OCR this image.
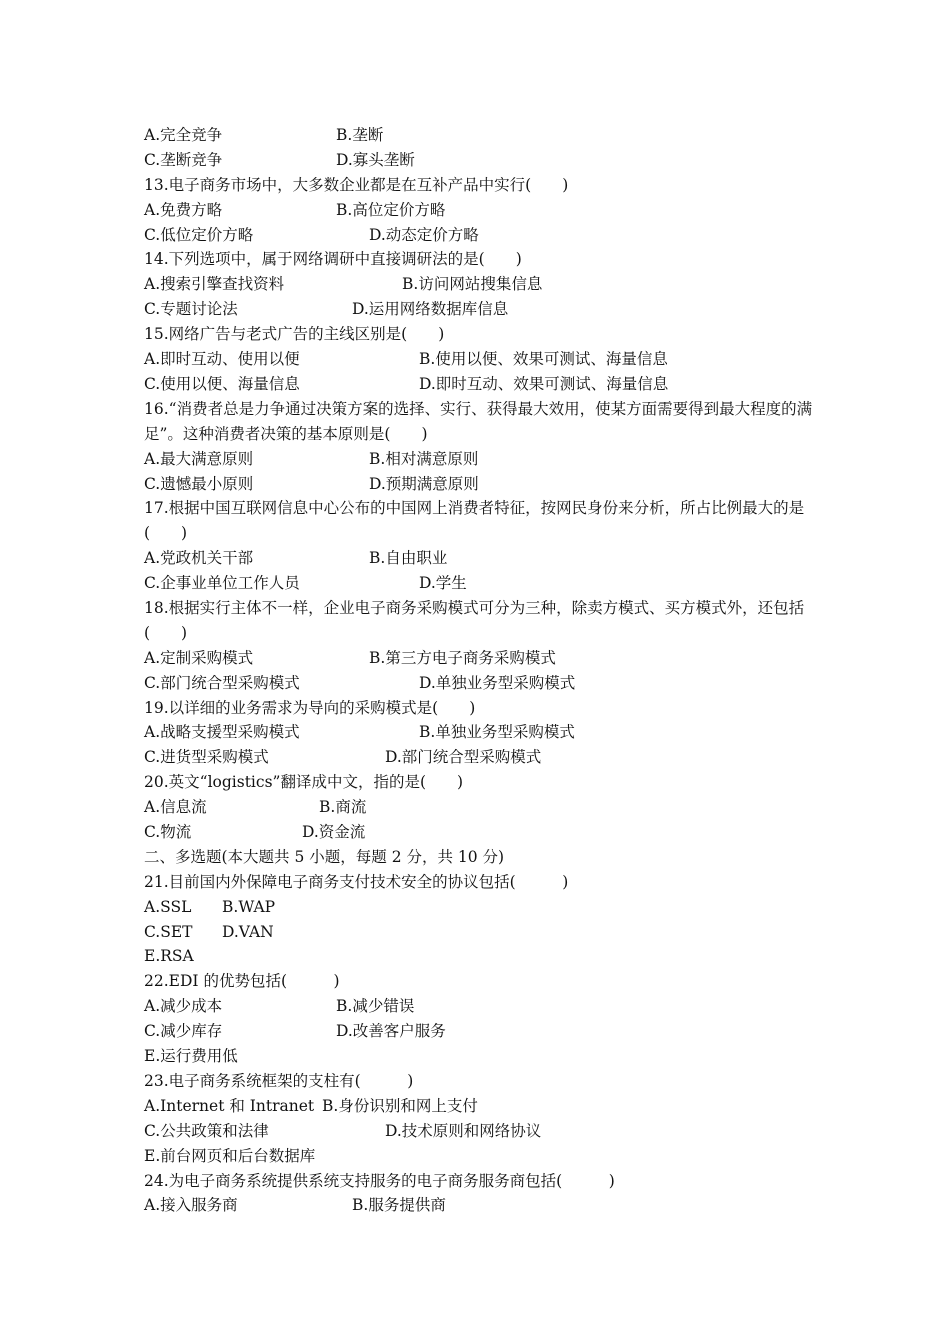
A.完全竞争	B.垄断
C.垄断竞争	D.寡头垄断
13.电子商务市场中，大多数企业都是在互补产品中实行(　　)
A.免费方略	B.高位定价方略
C.低位定价方略	D.动态定价方略
14.下列选项中，属于网络调研中直接调研法的是(　　)
A.搜索引擎查找资料	B.访问网站搜集信息
C.专题讨论法	D.运用网络数据库信息
15.网络广告与老式广告的主线区别是(　　)
A.即时互动、使用以便	B.使用以便、效果可测试、海量信息
C.使用以便、海量信息	D.即时互动、效果可测试、海量信息
16.“消费者总是力争通过决策方案的选择、实行、获得最大效用，使某方面需要得到最大程度的满足”。这种消费者决策的基本原则是(　　)
A.最大满意原则	B.相对满意原则
C.遗憾最小原则	D.预期满意原则
17.根据中国互联网信息中心公布的中国网上消费者特征，按网民身份来分析，所占比例最大的是(　　)
A.党政机关干部	B.自由职业
C.企事业单位工作人员	D.学生
18.根据实行主体不一样，企业电子商务采购模式可分为三种，除卖方模式、买方模式外，还包括(　　)
A.定制采购模式	B.第三方电子商务采购模式
C.部门统合型采购模式	D.单独业务型采购模式
19.以详细的业务需求为导向的采购模式是(　　)
A.战略支援型采购模式	B.单独业务型采购模式
C.进货型采购模式	D.部门统合型采购模式
20.英文“logistics”翻译成中文，指的是(　　)
A.信息流	B.商流
C.物流	D.资金流
二、多选题(本大题共 5 小题，每题 2 分，共 10 分)
21.目前国内外保障电子商务支付技术安全的协议包括(　　　)
A.SSL B.WAP
C.SET D.VAN
E.RSA
22.EDI 的优势包括(　　　)
A.减少成本	B.减少错误
C.减少库存	D.改善客户服务
E.运行费用低
23.电子商务系统框架的支柱有(　　　)
A.Internet 和 Intranet B.身份识别和网上支付
C.公共政策和法律	D.技术原则和网络协议
E.前台网页和后台数据库
24.为电子商务系统提供系统支持服务的电子商务服务商包括(　　　)
A.接入服务商	B.服务提供商
